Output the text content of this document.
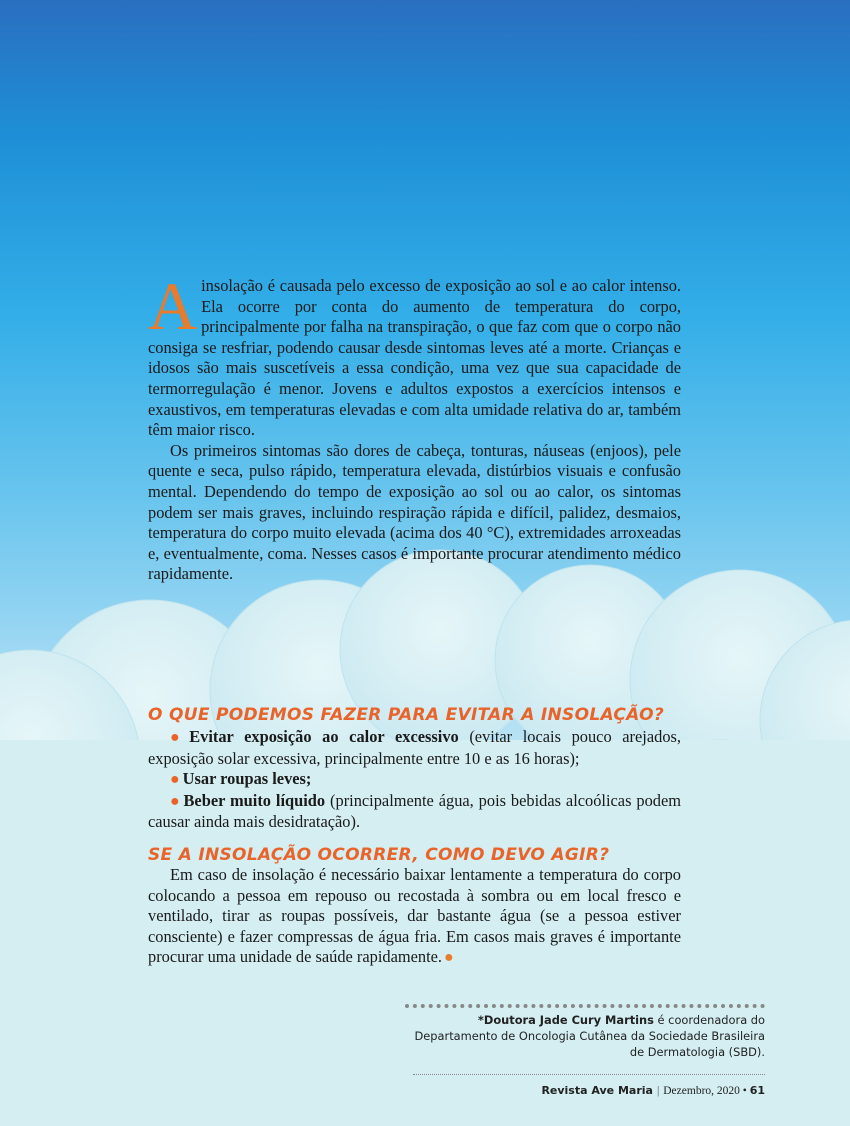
Ainsolação é causada pelo excesso de exposição ao sol e ao calor intenso. Ela ocorre por conta do aumento de temperatura do corpo, principalmente por falha na transpiração, o que faz com que o corpo não consiga se resfriar, podendo causar desde sintomas leves até a morte. Crianças e idosos são mais suscetíveis a essa condição, uma vez que sua capacidade de termorregulação é menor. Jovens e adultos expostos a exercícios intensos e exaustivos, em temperaturas elevadas e com alta umidade relativa do ar, também têm maior risco.

Os primeiros sintomas são dores de cabeça, tonturas, náuseas (enjoos), pele quente e seca, pulso rápido, temperatura elevada, distúrbios visuais e confusão mental. Dependendo do tempo de exposição ao sol ou ao calor, os sintomas podem ser mais graves, incluindo respiração rápida e difícil, palidez, desmaios, temperatura do corpo muito elevada (acima dos 40 °C), extremidades arroxeadas e, eventualmente, coma. Nesses casos é importante procurar atendimento médico rapidamente.

O QUE PODEMOS FAZER PARA EVITAR A INSOLAÇÃO?

● Evitar exposição ao calor excessivo (evitar locais pouco arejados, exposição solar excessiva, principalmente entre 10 e as 16 horas);

● Usar roupas leves;

● Beber muito líquido (principalmente água, pois bebidas alcoólicas podem causar ainda mais desidratação).

SE A INSOLAÇÃO OCORRER, COMO DEVO AGIR?

Em caso de insolação é necessário baixar lentamente a temperatura do corpo colocando a pessoa em repouso ou recostada à sombra ou em local fresco e ventilado, tirar as roupas possíveis, dar bastante água (se a pessoa estiver consciente) e fazer compressas de água fria. Em casos mais graves é importante procurar uma unidade de saúde rapidamente. ●

*Doutora Jade Cury Martins é coordenadora do Departamento de Oncologia Cutânea da Sociedade Brasileira de Dermatologia (SBD).
Revista Ave Maria | Dezembro, 2020 • 61
